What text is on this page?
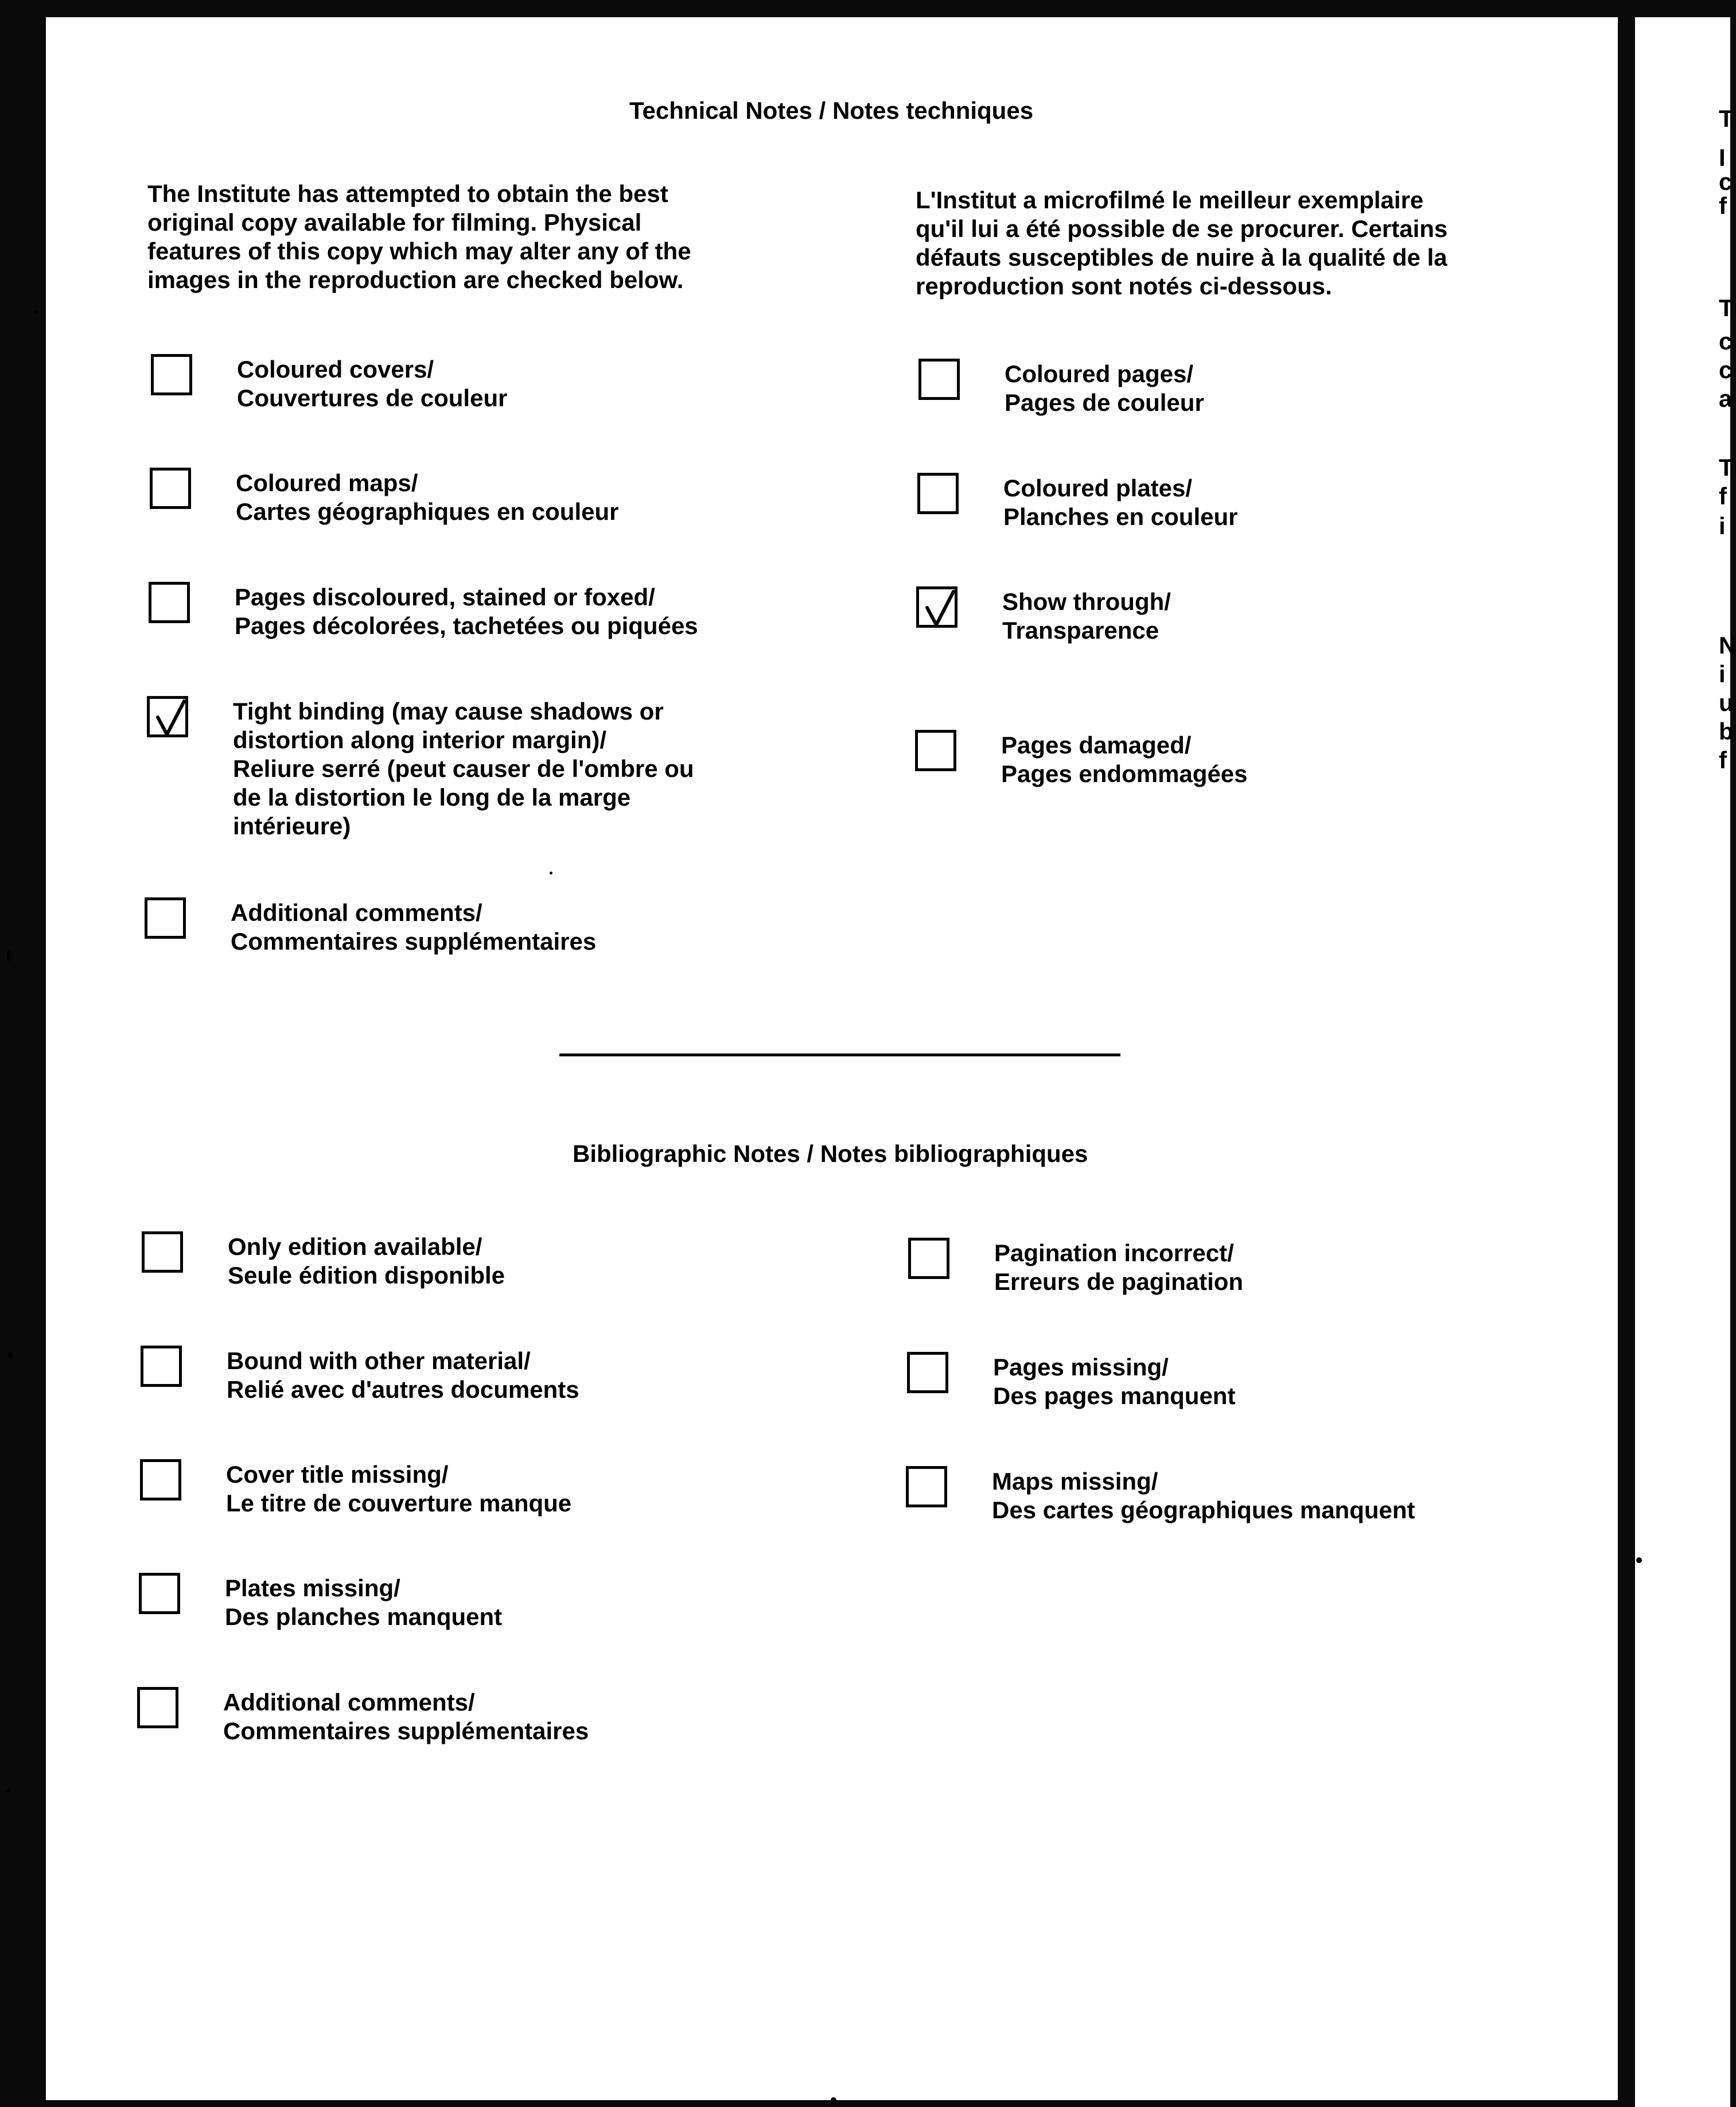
T
I
c
f
T
c
c
a
T
f
i
N
i
u
b
f
Technical Notes / Notes techniques
The Institute has attempted to obtain the best
original copy available for filming. Physical
features of this copy which may alter any of the
images in the reproduction are checked below.
L'Institut a microfilmé le meilleur exemplaire
qu'il lui a été possible de se procurer. Certains
défauts susceptibles de nuire à la qualité de la
reproduction sont notés ci-dessous.
Coloured covers/
Couvertures de couleur
Coloured maps/
Cartes géographiques en couleur
Pages discoloured, stained or foxed/
Pages décolorées, tachetées ou piquées
Tight binding (may cause shadows or
distortion along interior margin)/
Reliure serré (peut causer de l'ombre ou
de la distortion le long de la marge
intérieure)
Additional comments/
Commentaires supplémentaires
Coloured pages/
Pages de couleur
Coloured plates/
Planches en couleur
Show through/
Transparence
Pages damaged/
Pages endommagées
Bibliographic Notes / Notes bibliographiques
Only edition available/
Seule édition disponible
Bound with other material/
Relié avec d'autres documents
Cover title missing/
Le titre de couverture manque
Plates missing/
Des planches manquent
Additional comments/
Commentaires supplémentaires
Pagination incorrect/
Erreurs de pagination
Pages missing/
Des pages manquent
Maps missing/
Des cartes géographiques manquent
